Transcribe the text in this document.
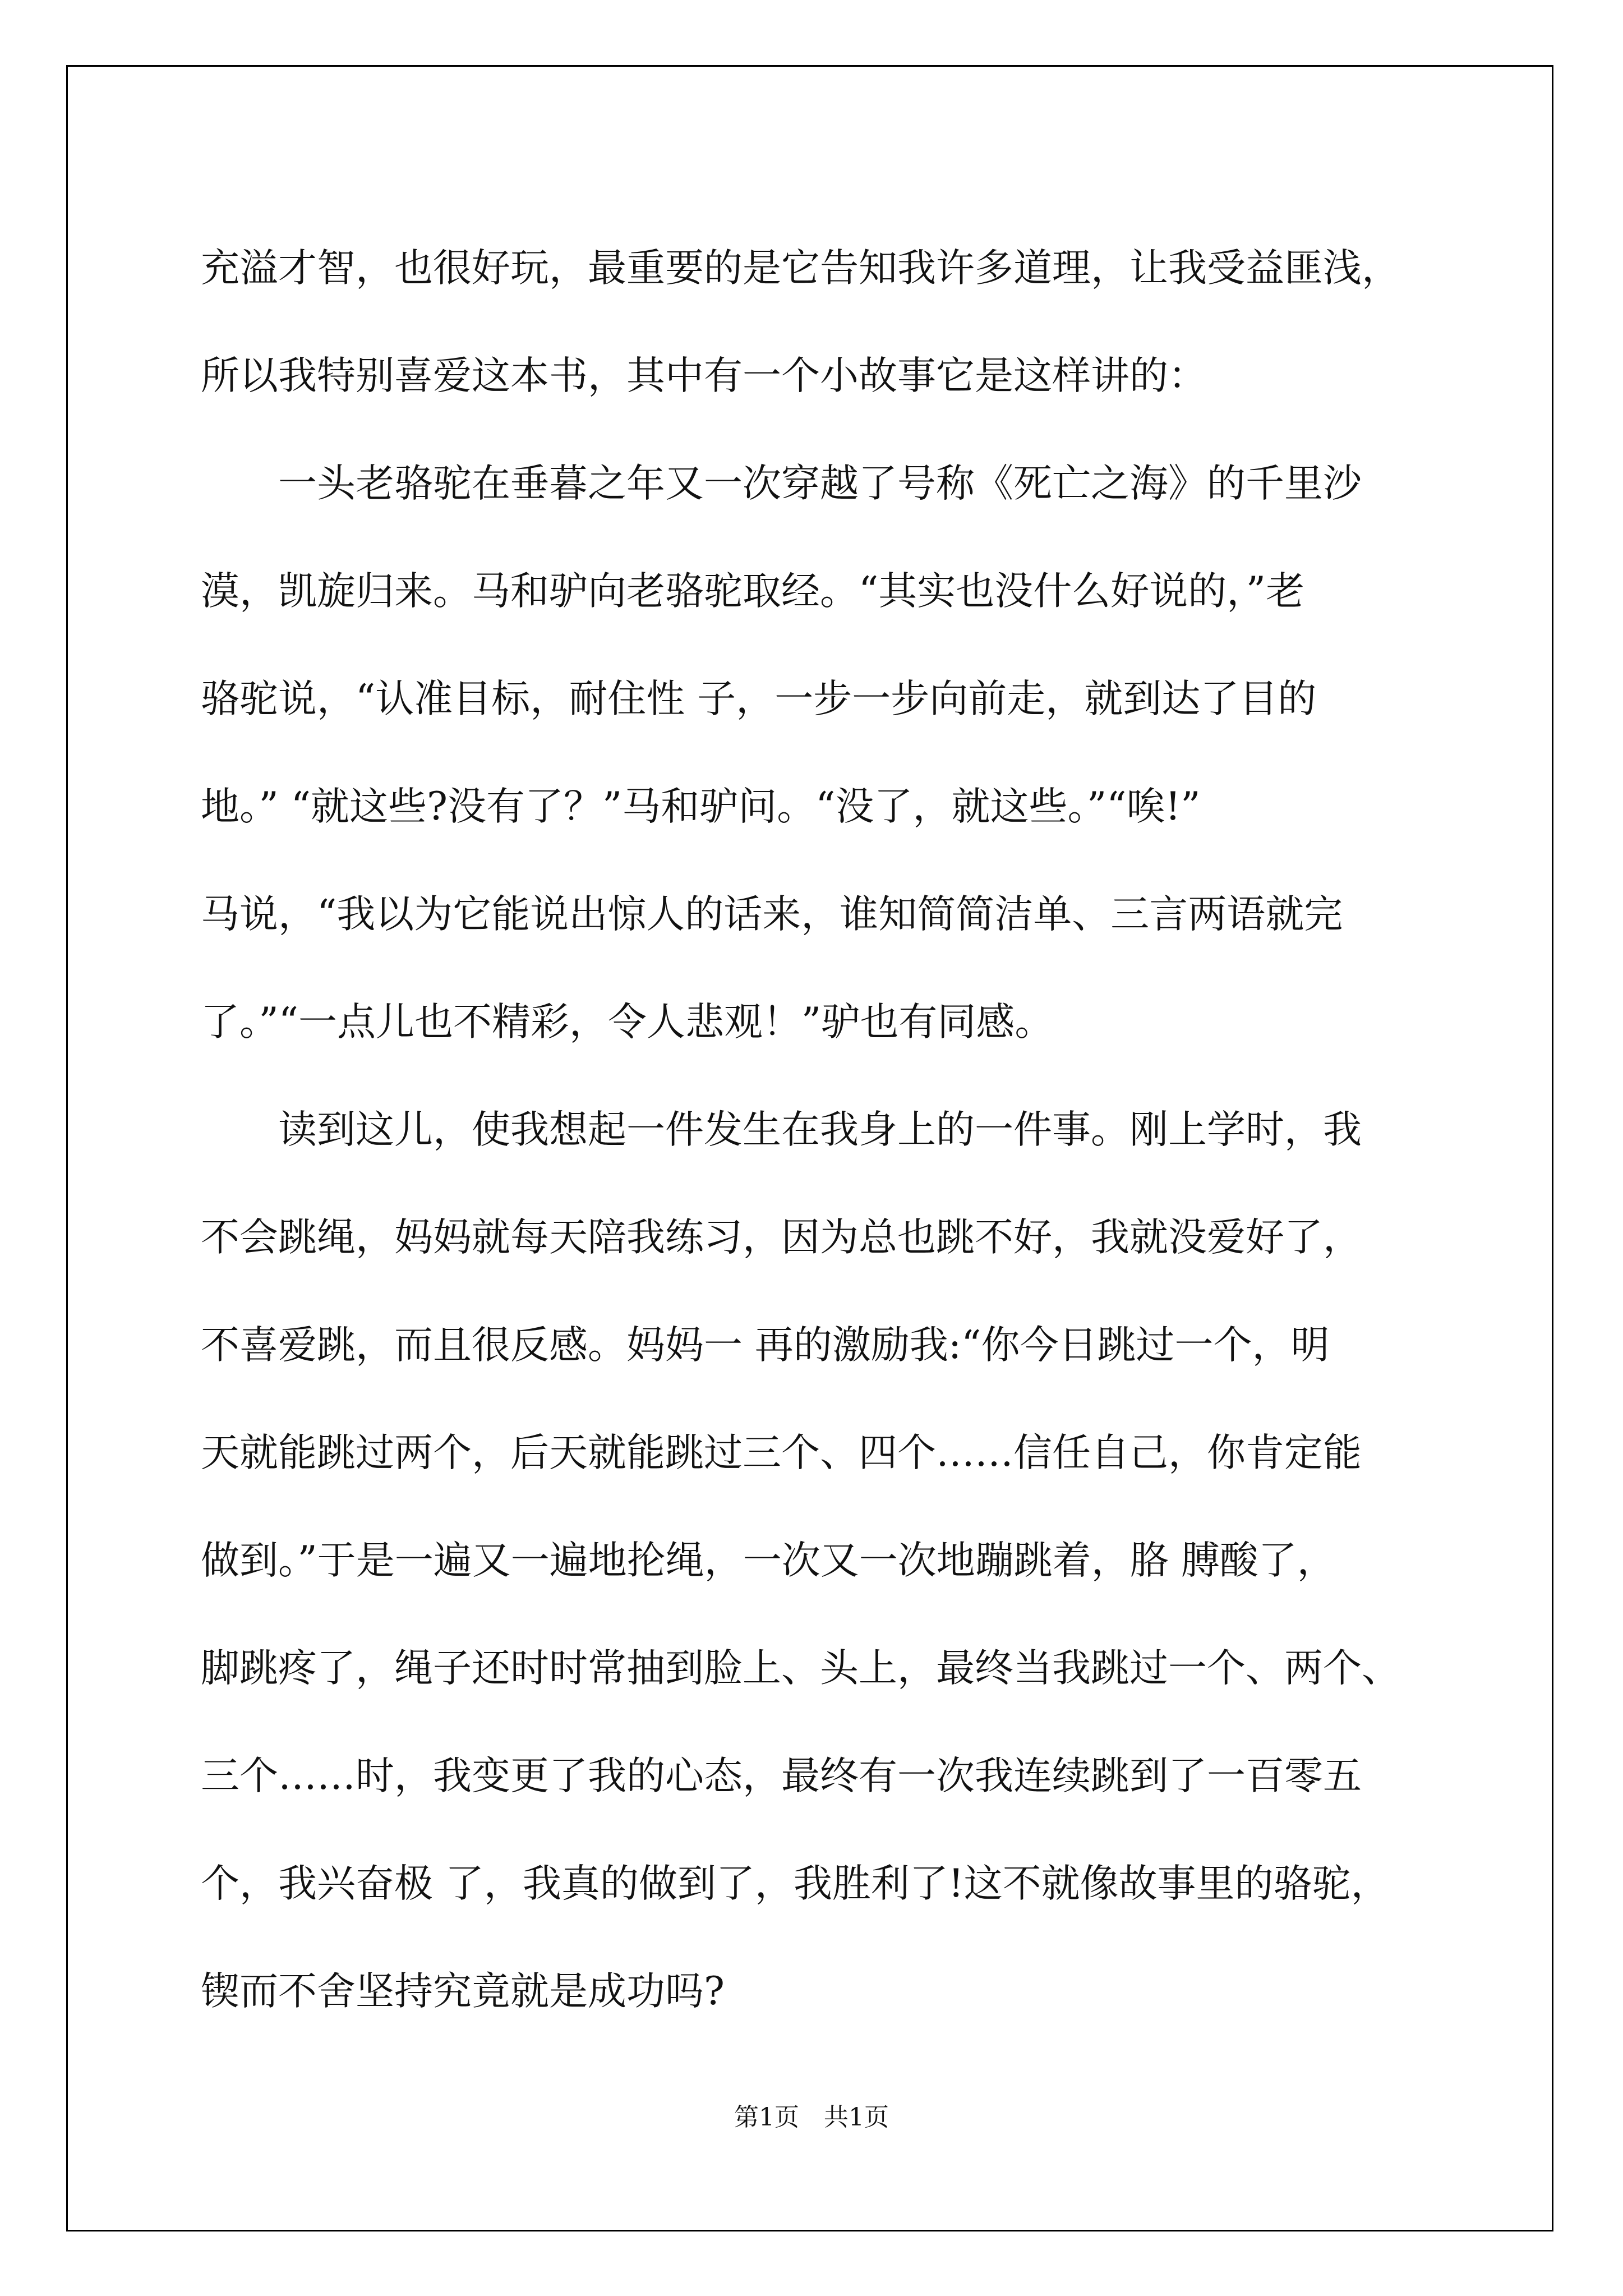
充溢才智，也很好玩，最重要的是它告知我许多道理，让我受益匪浅，
所以我特别喜爱这本书，其中有一个小故事它是这样讲的：
　　一头老骆驼在垂暮之年又一次穿越了号称《死亡之海》的千里沙
漠，凯旋归来。马和驴向老骆驼取经。“其实也没什么好说的，”老
骆驼说，“认准目标，耐住性 子，一步一步向前走，就到达了目的
地。” “就这些?没有了？”马和驴问。“没了，就这些。”“唉!”
马说，“我以为它能说出惊人的话来，谁知简简洁单、三言两语就完
了。”“一点儿也不精彩，令人悲观！”驴也有同感。
　　读到这儿，使我想起一件发生在我身上的一件事。刚上学时，我
不会跳绳，妈妈就每天陪我练习，因为总也跳不好，我就没爱好了，
不喜爱跳，而且很反感。妈妈一 再的激励我:“你今日跳过一个，明
天就能跳过两个，后天就能跳过三个、四个……信任自己，你肯定能
做到。”于是一遍又一遍地抡绳，一次又一次地蹦跳着，胳 膊酸了，
脚跳疼了，绳子还时时常抽到脸上、头上，最终当我跳过一个、两个、
三个……时，我变更了我的心态，最终有一次我连续跳到了一百零五
个，我兴奋极 了，我真的做到了，我胜利了!这不就像故事里的骆驼，
锲而不舍坚持究竟就是成功吗?
第1页　共1页
